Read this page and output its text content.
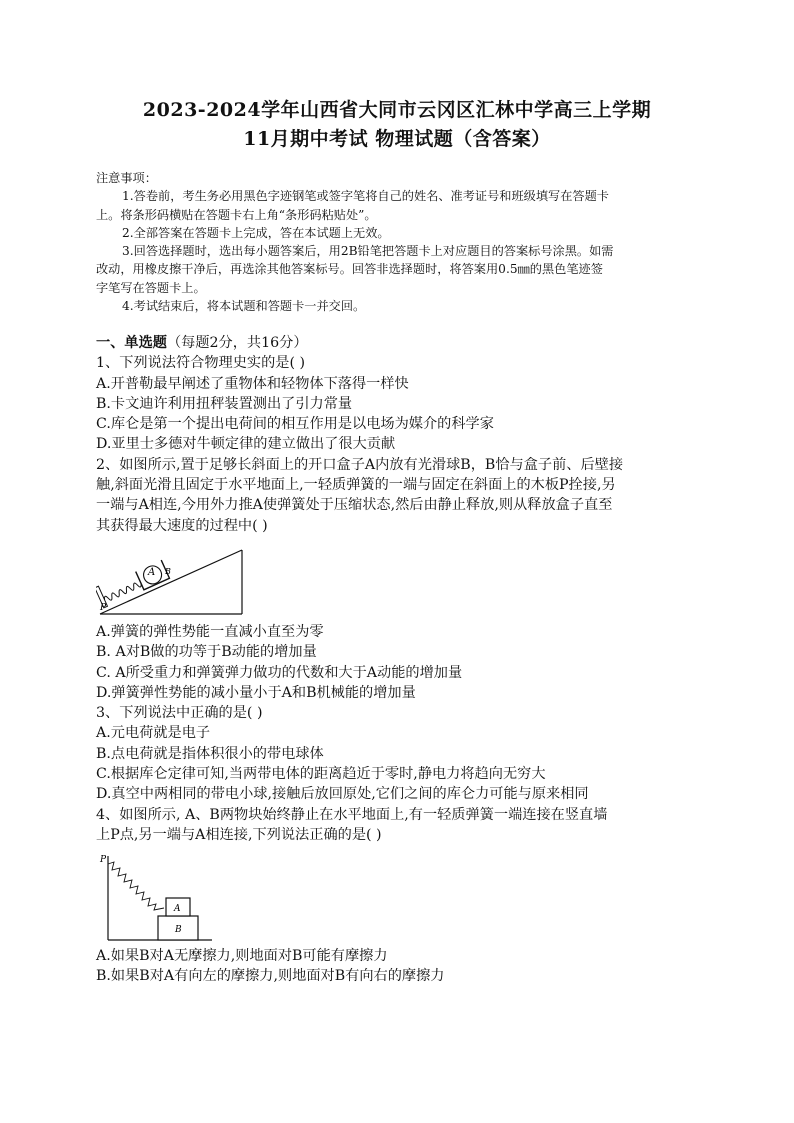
2023-2024学年山西省大同市云冈区汇林中学高三上学期
11月期中考试 物理试题（含答案）
注意事项：
1.答卷前，考生务必用黑色字迹钢笔或签字笔将自己的姓名、准考证号和班级填写在答题卡
上。将条形码横贴在答题卡右上角“条形码粘贴处”。
2.全部答案在答题卡上完成，答在本试题上无效。
3.回答选择题时，选出每小题答案后，用2B铅笔把答题卡上对应题目的答案标号涂黑。如需
改动，用橡皮擦干净后，再选涂其他答案标号。回答非选择题时，将答案用0.5㎜的黑色笔迹签
字笔写在答题卡上。
4.考试结束后，将本试题和答题卡一并交回。
一、单选题（每题2分，共16分）
1、下列说法符合物理史实的是( )
A.开普勒最早阐述了重物体和轻物体下落得一样快
B.卡文迪许利用扭秤装置测出了引力常量
C.库仑是第一个提出电荷间的相互作用是以电场为媒介的科学家
D.亚里士多德对牛顿定律的建立做出了很大贡献
2、如图所示,置于足够长斜面上的开口盒子A内放有光滑球B，B恰与盒子前、后壁接
触,斜面光滑且固定于水平地面上,一轻质弹簧的一端与固定在斜面上的木板P拴接,另
一端与A相连,今用外力推A使弹簧处于压缩状态,然后由静止释放,则从释放盒子直至
其获得最大速度的过程中( )
A B
P
A.弹簧的弹性势能一直减小直至为零
B. A对B做的功等于B动能的增加量
C. A所受重力和弹簧弹力做功的代数和大于A动能的增加量
D.弹簧弹性势能的减小量小于A和B机械能的增加量
3、下列说法中正确的是( )
A.元电荷就是电子
B.点电荷就是指体积很小的带电球体
C.根据库仑定律可知,当两带电体的距离趋近于零时,静电力将趋向无穷大
D.真空中两相同的带电小球,接触后放回原处,它们之间的库仑力可能与原来相同
4、如图所示, A、B两物块始终静止在水平地面上,有一轻质弹簧一端连接在竖直墙
上P点,另一端与A相连接,下列说法正确的是( )
A
B
P
A.如果B对A无摩擦力,则地面对B可能有摩擦力
B.如果B对A有向左的摩擦力,则地面对B有向右的摩擦力
